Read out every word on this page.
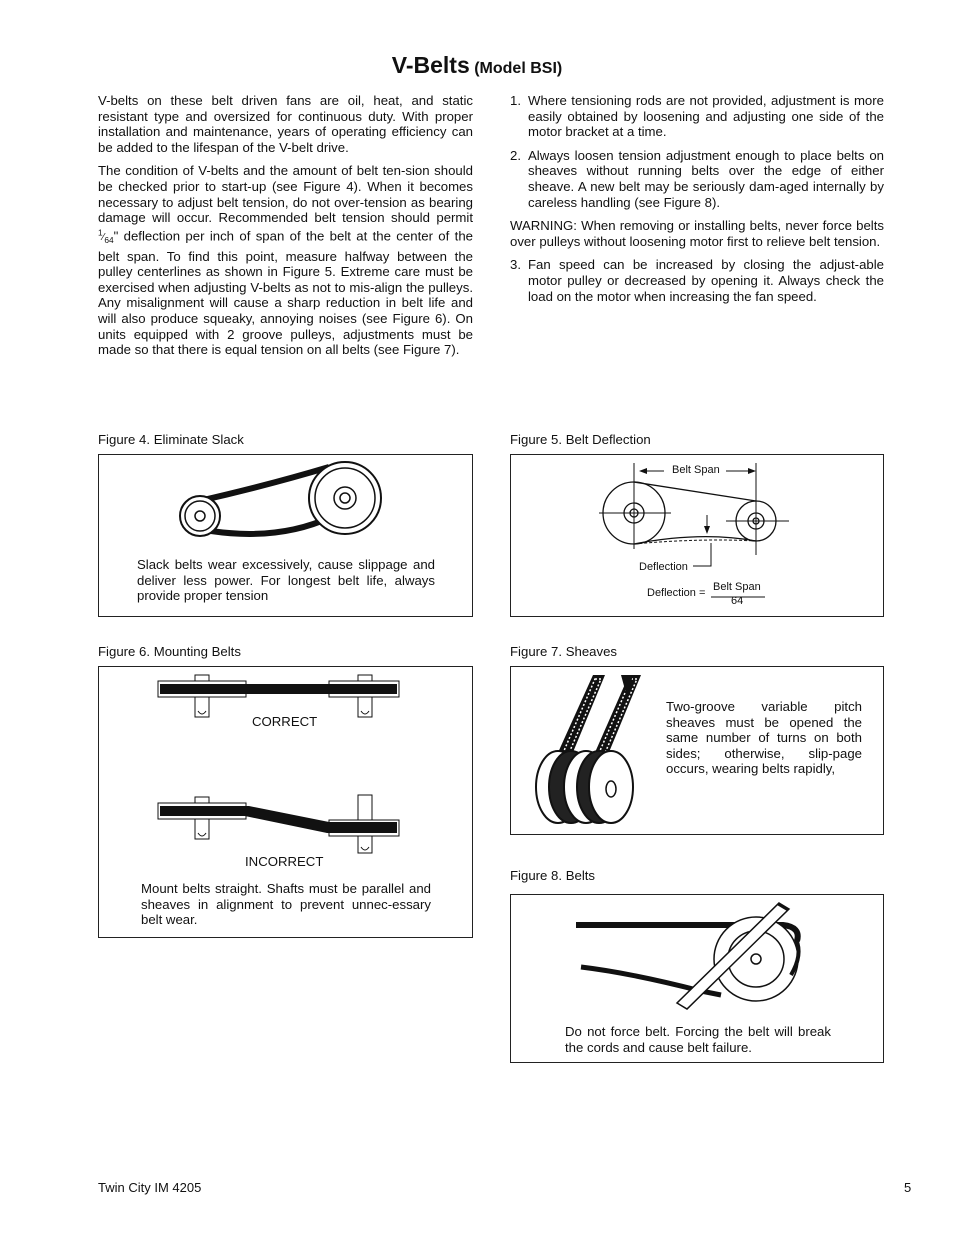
V-Belts (Model BSI)

V-belts on these belt driven fans are oil, heat, and static resistant type and oversized for continuous duty. With proper installation and maintenance, years of operating efficiency can be added to the lifespan of the V-belt drive.

The condition of V-belts and the amount of belt ten-sion should be checked prior to start-up (see Figure 4). When it becomes necessary to adjust belt tension, do not over-tension as bearing damage will occur. Recommended belt tension should permit $^1⁄_{64}$" deflection per inch of span of the belt at the center of the belt span. To find this point, measure halfway between the pulley centerlines as shown in Figure 5. Extreme care must be exercised when adjusting V-belts as not to mis-align the pulleys. Any misalignment will cause a sharp reduction in belt life and will also produce squeaky, annoying noises (see Figure 6). On units equipped with 2 groove pulleys, adjustments must be made so that there is equal tension on all belts (see Figure 7).

1. Where tensioning rods are not provided, adjustment is more easily obtained by loosening and adjusting one side of the motor bracket at a time.
2. Always loosen tension adjustment enough to place belts on sheaves without running belts over the edge of either sheave. A new belt may be seriously dam-aged internally by careless handling (see Figure 8).

WARNING: When removing or installing belts, never force belts over pulleys without loosening motor first to relieve belt tension.

3. Fan speed can be increased by closing the adjust-able motor pulley or decreased by opening it. Always check the load on the motor when increasing the fan speed.
Figure 4. Eliminate Slack
Slack belts wear excessively, cause slippage and deliver less power. For longest belt life, always provide proper tension
Figure 5. Belt Deflection
Belt Span
Deflection
Deflection = Belt Span
64
Figure 6. Mounting Belts
CORRECT
INCORRECT
Mount belts straight. Shafts must be parallel and sheaves in alignment to prevent unnec-essary belt wear.
Figure 7. Sheaves
Two-groove variable pitch sheaves must be opened the same number of turns on both sides; otherwise, slip-page occurs, wearing belts rapidly,
Figure 8. Belts
Do not force belt. Forcing the belt will break the cords and cause belt failure.
Twin City IM 4205	5
